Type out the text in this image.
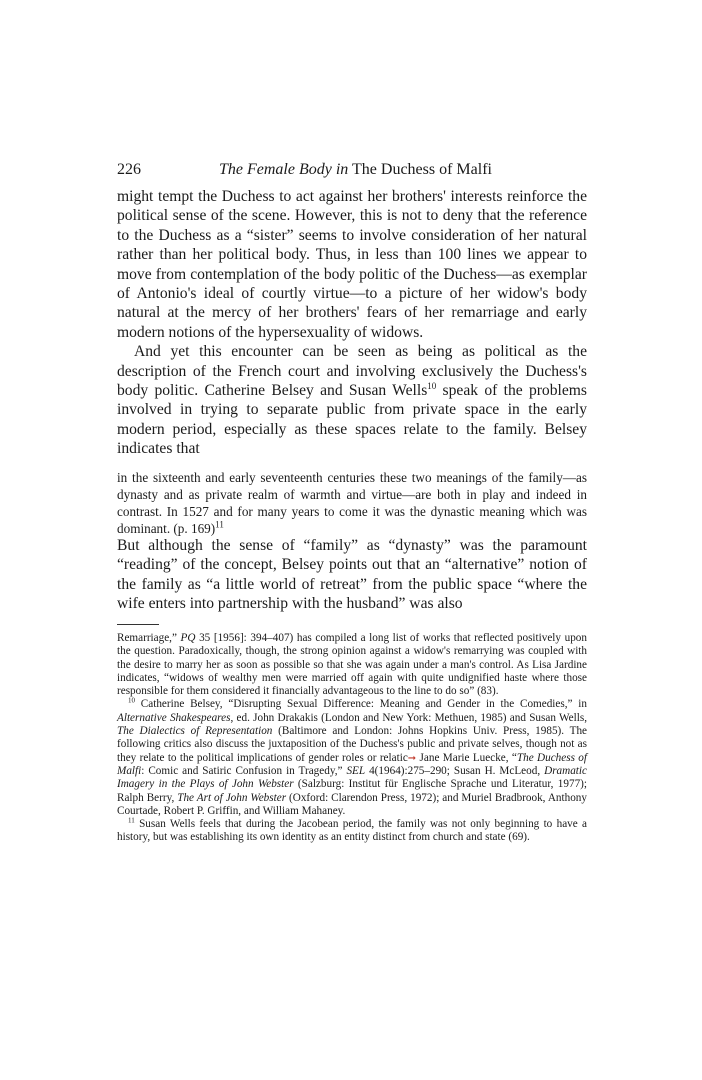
226	The Female Body in The Duchess of Malfi

might tempt the Duchess to act against her brothers' interests reinforce the political sense of the scene. However, this is not to deny that the reference to the Duchess as a “sister” seems to involve consideration of her natural rather than her political body. Thus, in less than 100 lines we appear to move from contemplation of the body politic of the Duchess—as exemplar of Antonio's ideal of courtly virtue—to a picture of her widow's body natural at the mercy of her brothers' fears of her remarriage and early modern notions of the hypersexuality of widows.

And yet this encounter can be seen as being as political as the description of the French court and involving exclusively the Duchess's body politic. Catherine Belsey and Susan Wells$^{10}$ speak of the problems involved in trying to separate public from private space in the early modern period, especially as these spaces relate to the family. Belsey indicates that

in the sixteenth and early seventeenth centuries these two meanings of the family—as dynasty and as private realm of warmth and virtue—are both in play and indeed in contrast. In 1527 and for many years to come it was the dynastic meaning which was dominant. (p. 169)$^{11}$

But although the sense of “family” as “dynasty” was the paramount “reading” of the concept, Belsey points out that an “alternative” notion of the family as “a little world of retreat” from the public space “where the wife enters into partnership with the husband” was also

Remarriage,” PQ 35 [1956]: 394–407) has compiled a long list of works that reflected positively upon the question. Paradoxically, though, the strong opinion against a widow's remarrying was coupled with the desire to marry her as soon as possible so that she was again under a man's control. As Lisa Jardine indicates, “widows of wealthy men were married off again with quite undignified haste where those responsible for them considered it financially advantageous to the line to do so” (83).

$^{10}$ Catherine Belsey, “Disrupting Sexual Difference: Meaning and Gender in the Comedies,” in Alternative Shakespeares, ed. John Drakakis (London and New York: Methuen, 1985) and Susan Wells, The Dialectics of Representation (Baltimore and London: Johns Hopkins Univ. Press, 1985). The following critics also discuss the juxtaposition of the Duchess's public and private selves, though not as they relate to the political implications of gender roles or relatic➞ Jane Marie Luecke, “The Duchess of Malfi: Comic and Satiric Confusion in Tragedy,” SEL 4(1964):275–290; Susan H. McLeod, Dramatic Imagery in the Plays of John Webster (Salzburg: Institut für Englische Sprache und Literatur, 1977); Ralph Berry, The Art of John Webster (Oxford: Clarendon Press, 1972); and Muriel Bradbrook, Anthony Courtade, Robert P. Griffin, and William Mahaney.

$^{11}$ Susan Wells feels that during the Jacobean period, the family was not only beginning to have a history, but was establishing its own identity as an entity distinct from church and state (69).
